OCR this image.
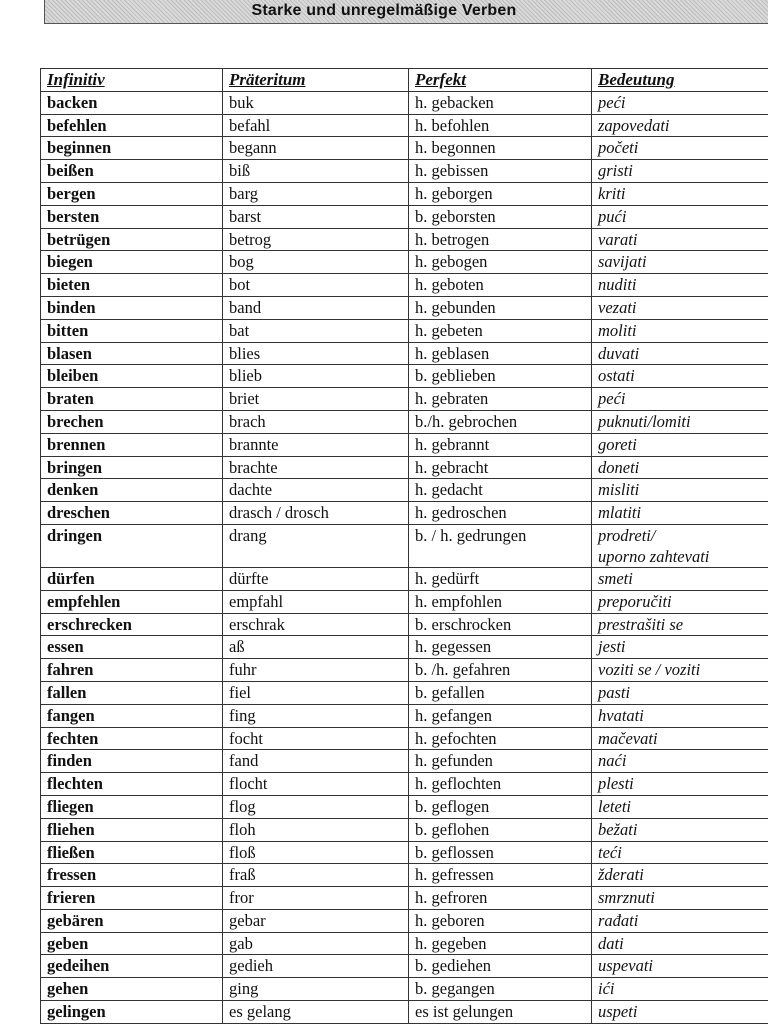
Starke und unregelmäßige Verben
Infinitiv	Präteritum	Perfekt	Bedeutung
backen	buk	h. gebacken	peći
befehlen	befahl	h. befohlen	zapovedati
beginnen	begann	h. begonnen	početi
beißen	biß	h. gebissen	gristi
bergen	barg	h. geborgen	kriti
bersten	barst	b. geborsten	pući
betrügen	betrog	h. betrogen	varati
biegen	bog	h. gebogen	savijati
bieten	bot	h. geboten	nuditi
binden	band	h. gebunden	vezati
bitten	bat	h. gebeten	moliti
blasen	blies	h. geblasen	duvati
bleiben	blieb	b. geblieben	ostati
braten	briet	h. gebraten	peći
brechen	brach	b./h. gebrochen	puknuti/lomiti
brennen	brannte	h. gebrannt	goreti
bringen	brachte	h. gebracht	doneti
denken	dachte	h. gedacht	misliti
dreschen	drasch / drosch	h. gedroschen	mlatiti
dringen	drang	b. / h. gedrungen	prodreti/
uporno zahtevati

dürfen	dürfte	h. gedürft	smeti
empfehlen	empfahl	h. empfohlen	preporučiti
erschrecken	erschrak	b. erschrocken	prestrašiti se
essen	aß	h. gegessen	jesti
fahren	fuhr	b. /h. gefahren	voziti se / voziti
fallen	fiel	b. gefallen	pasti
fangen	fing	h. gefangen	hvatati
fechten	focht	h. gefochten	mačevati
finden	fand	h. gefunden	naći
flechten	flocht	h. geflochten	plesti
fliegen	flog	b. geflogen	leteti
fliehen	floh	b. geflohen	bežati
fließen	floß	b. geflossen	teći
fressen	fraß	h. gefressen	žderati
frieren	fror	h. gefroren	smrznuti
gebären	gebar	h. geboren	rađati
geben	gab	h. gegeben	dati
gedeihen	gedieh	b. gediehen	uspevati
gehen	ging	b. gegangen	ići
gelingen	es gelang	es ist gelungen	uspeti
